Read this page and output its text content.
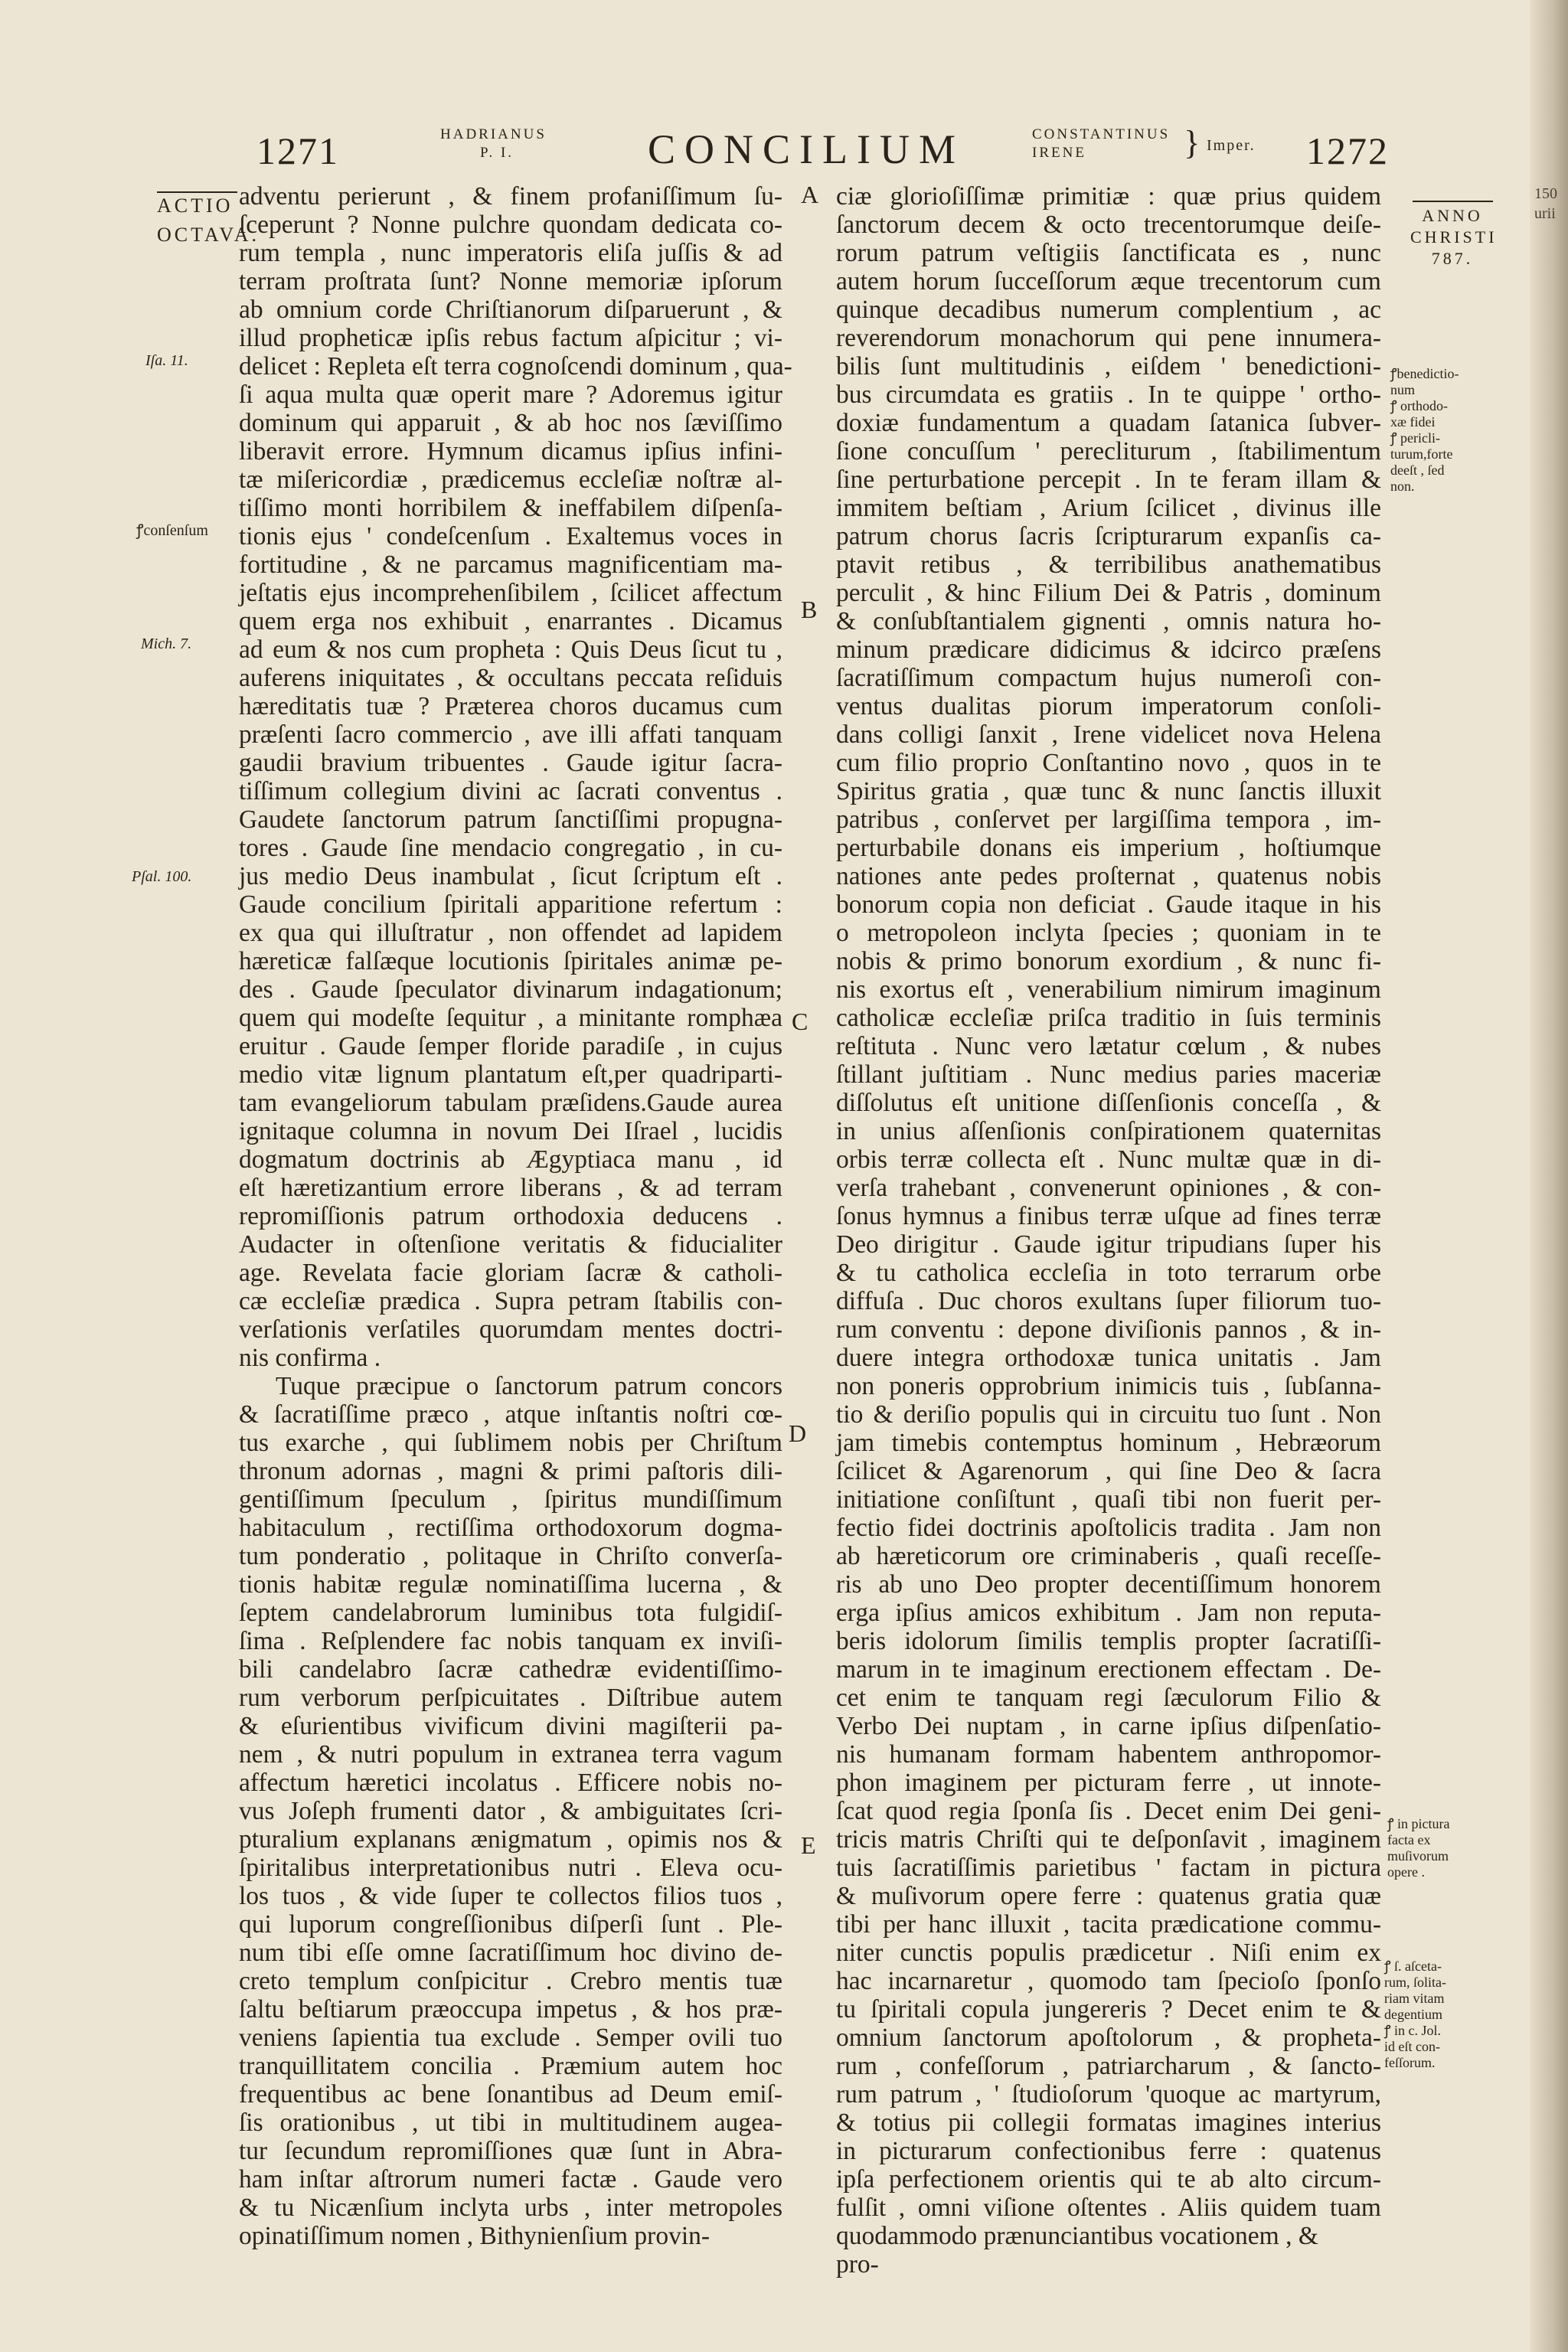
150
urii
1271	HADRIANUS
P. I.	CONCILIUM	CONSTANTINUS
IRENE	} Imper. 1272
ACTIO
OCTAVA.
ANNO
CHRISTI
787.
Iſa. 11.
ꝭconſenſum
Mich. 7.
Pſal. 100.
A
B
C
D
E
ꝭbenedictio-
num
ꝭ orthodo-
xæ fidei
ꝭ pericli-
turum,forte
deeſt , ſed
non.
ꝭ in pictura
facta ex
muſivorum
opere .
ꝭ ſ. aſceta-
rum, ſolita-
riam vitam
degentium
ꝭ in c. Jol.
id eſt con-
feſſorum.

adventu perierunt , & finem profaniſſimum ſu-

ſceperunt ? Nonne pulchre quondam dedicata co-

rum templa , nunc imperatoris eliſa juſſis & ad

terram proſtrata ſunt? Nonne memoriæ ipſorum

ab omnium corde Chriſtianorum diſparuerunt , &

illud propheticæ ipſis rebus factum aſpicitur ; vi-

delicet : Repleta eſt terra cognoſcendi dominum , qua-

ſi aqua multa quæ operit mare ? Adoremus igitur

dominum qui apparuit , & ab hoc nos ſæviſſimo

liberavit errore. Hymnum dicamus ipſius infini-

tæ miſericordiæ , prædicemus eccleſiæ noſtræ al-

tiſſimo monti horribilem & ineffabilem diſpenſa-

tionis ejus ' condeſcenſum . Exaltemus voces in

fortitudine , & ne parcamus magnificentiam ma-

jeſtatis ejus incomprehenſibilem , ſcilicet affectum

quem erga nos exhibuit , enarrantes . Dicamus

ad eum & nos cum propheta : Quis Deus ſicut tu ,

auferens iniquitates , & occultans peccata reſiduis

hæreditatis tuæ ? Præterea choros ducamus cum

præſenti ſacro commercio , ave illi affati tanquam

gaudii bravium tribuentes . Gaude igitur ſacra-

tiſſimum collegium divini ac ſacrati conventus .

Gaudete ſanctorum patrum ſanctiſſimi propugna-

tores . Gaude ſine mendacio congregatio , in cu-

jus medio Deus inambulat , ſicut ſcriptum eſt .

Gaude concilium ſpiritali apparitione refertum :

ex qua qui illuſtratur , non offendet ad lapidem

hæreticæ falſæque locutionis ſpiritales animæ pe-

des . Gaude ſpeculator divinarum indagationum;

quem qui modeſte ſequitur , a minitante romphæa

eruitur . Gaude ſemper floride paradiſe , in cujus

medio vitæ lignum plantatum eſt,per quadriparti-

tam evangeliorum tabulam præſidens.Gaude aurea

ignitaque columna in novum Dei Iſrael , lucidis

dogmatum doctrinis ab Ægyptiaca manu , id

eſt hæretizantium errore liberans , & ad terram

repromiſſionis patrum orthodoxia deducens .

Audacter in oſtenſione veritatis & fiducialiter

age. Revelata facie gloriam ſacræ & catholi-

cæ eccleſiæ prædica . Supra petram ſtabilis con-

verſationis verſatiles quorumdam mentes doctri-

nis confirma .

Tuque præcipue o ſanctorum patrum concors

& ſacratiſſime præco , atque inſtantis noſtri cœ-

tus exarche , qui ſublimem nobis per Chriſtum

thronum adornas , magni & primi paſtoris dili-

gentiſſimum ſpeculum , ſpiritus mundiſſimum

habitaculum , rectiſſima orthodoxorum dogma-

tum ponderatio , politaque in Chriſto converſa-

tionis habitæ regulæ nominatiſſima lucerna , &

ſeptem candelabrorum luminibus tota fulgidiſ-

ſima . Reſplendere fac nobis tanquam ex inviſi-

bili candelabro ſacræ cathedræ evidentiſſimo-

rum verborum perſpicuitates . Diſtribue autem

& eſurientibus vivificum divini magiſterii pa-

nem , & nutri populum in extranea terra vagum

affectum hæretici incolatus . Efficere nobis no-

vus Joſeph frumenti dator , & ambiguitates ſcri-

pturalium explanans ænigmatum , opimis nos &

ſpiritalibus interpretationibus nutri . Eleva ocu-

los tuos , & vide ſuper te collectos filios tuos ,

qui luporum congreſſionibus diſperſi ſunt . Ple-

num tibi eſſe omne ſacratiſſimum hoc divino de-

creto templum conſpicitur . Crebro mentis tuæ

ſaltu beſtiarum præoccupa impetus , & hos præ-

veniens ſapientia tua exclude . Semper ovili tuo

tranquillitatem concilia . Præmium autem hoc

frequentibus ac bene ſonantibus ad Deum emiſ-

ſis orationibus , ut tibi in multitudinem augea-

tur ſecundum repromiſſiones quæ ſunt in Abra-

ham inſtar aſtrorum numeri factæ . Gaude vero

& tu Nicænſium inclyta urbs , inter metropoles

opinatiſſimum nomen , Bithynienſium provin-

ciæ glorioſiſſimæ primitiæ : quæ prius quidem

ſanctorum decem & octo trecentorumque deiſe-

rorum patrum veſtigiis ſanctificata es , nunc

autem horum ſucceſſorum æque trecentorum cum

quinque decadibus numerum complentium , ac

reverendorum monachorum qui pene innumera-

bilis ſunt multitudinis , eiſdem ' benedictioni-

bus circumdata es gratiis . In te quippe ' ortho-

doxiæ fundamentum a quadam ſatanica ſubver-

ſione concuſſum ' perecliturum , ſtabilimentum

ſine perturbatione percepit . In te feram illam &

immitem beſtiam , Arium ſcilicet , divinus ille

patrum chorus ſacris ſcripturarum expanſis ca-

ptavit retibus , & terribilibus anathematibus

perculit , & hinc Filium Dei & Patris , dominum

& conſubſtantialem gignenti , omnis natura ho-

minum prædicare didicimus & idcirco præſens

ſacratiſſimum compactum hujus numeroſi con-

ventus dualitas piorum imperatorum conſoli-

dans colligi ſanxit , Irene videlicet nova Helena

cum filio proprio Conſtantino novo , quos in te

Spiritus gratia , quæ tunc & nunc ſanctis illuxit

patribus , conſervet per largiſſima tempora , im-

perturbabile donans eis imperium , hoſtiumque

nationes ante pedes proſternat , quatenus nobis

bonorum copia non deficiat . Gaude itaque in his

o metropoleon inclyta ſpecies ; quoniam in te

nobis & primo bonorum exordium , & nunc fi-

nis exortus eſt , venerabilium nimirum imaginum

catholicæ eccleſiæ priſca traditio in ſuis terminis

reſtituta . Nunc vero lætatur cœlum , & nubes

ſtillant juſtitiam . Nunc medius paries maceriæ

diſſolutus eſt unitione diſſenſionis conceſſa , &

in unius aſſenſionis conſpirationem quaternitas

orbis terræ collecta eſt . Nunc multæ quæ in di-

verſa trahebant , convenerunt opiniones , & con-

ſonus hymnus a finibus terræ uſque ad fines terræ

Deo dirigitur . Gaude igitur tripudians ſuper his

& tu catholica eccleſia in toto terrarum orbe

diffuſa . Duc choros exultans ſuper filiorum tuo-

rum conventu : depone diviſionis pannos , & in-

duere integra orthodoxæ tunica unitatis . Jam

non poneris opprobrium inimicis tuis , ſubſanna-

tio & deriſio populis qui in circuitu tuo ſunt . Non

jam timebis contemptus hominum , Hebræorum

ſcilicet & Agarenorum , qui ſine Deo & ſacra

initiatione conſiſtunt , quaſi tibi non fuerit per-

fectio fidei doctrinis apoſtolicis tradita . Jam non

ab hæreticorum ore criminaberis , quaſi receſſe-

ris ab uno Deo propter decentiſſimum honorem

erga ipſius amicos exhibitum . Jam non reputa-

beris idolorum ſimilis templis propter ſacratiſſi-

marum in te imaginum erectionem effectam . De-

cet enim te tanquam regi ſæculorum Filio &

Verbo Dei nuptam , in carne ipſius diſpenſatio-

nis humanam formam habentem anthropomor-

phon imaginem per picturam ferre , ut innote-

ſcat quod regia ſponſa ſis . Decet enim Dei geni-

tricis matris Chriſti qui te deſponſavit , imaginem

tuis ſacratiſſimis parietibus ' factam in pictura

& muſivorum opere ferre : quatenus gratia quæ

tibi per hanc illuxit , tacita prædicatione commu-

niter cunctis populis prædicetur . Niſi enim ex

hac incarnaretur , quomodo tam ſpecioſo ſponſo

tu ſpiritali copula jungereris ? Decet enim te &

omnium ſanctorum apoſtolorum , & propheta-

rum , confeſſorum , patriarcharum , & ſancto-

rum patrum , ' ſtudioſorum 'quoque ac martyrum,

& totius pii collegii formatas imagines interius

in picturarum confectionibus ferre : quatenus

ipſa perfectionem orientis qui te ab alto circum-

fulſit , omni viſione oſtentes . Aliis quidem tuam

quodammodo prænunciantibus vocationem , &

pro-
